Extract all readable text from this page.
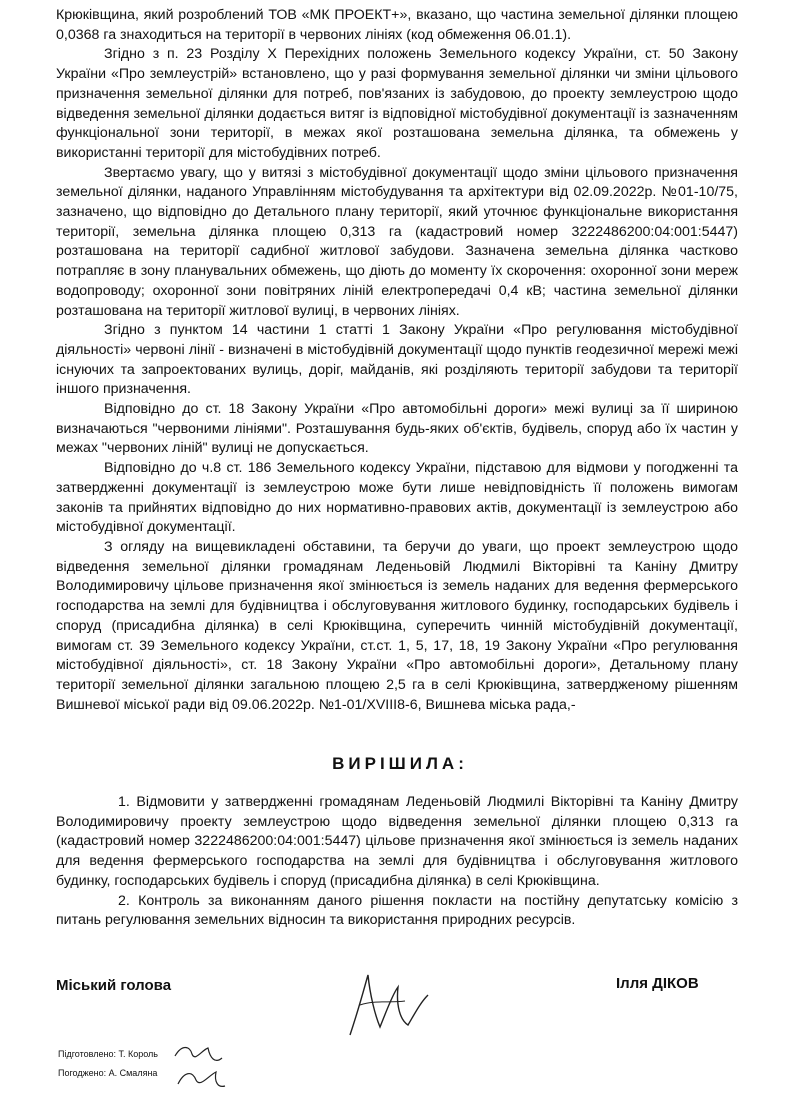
Крюківщина, який розроблений ТОВ «МК ПРОЕКТ+», вказано, що частина земельної ділянки площею 0,0368 га знаходиться на території в червоних лініях (код обмеження 06.01.1).

Згідно з п. 23 Розділу X Перехідних положень Земельного кодексу України, ст. 50 Закону України «Про землеустрій» встановлено, що у разі формування земельної ділянки чи зміни цільового призначення земельної ділянки для потреб, пов'язаних із забудовою, до проекту землеустрою щодо відведення земельної ділянки додається витяг із відповідної містобудівної документації із зазначенням функціональної зони території, в межах якої розташована земельна ділянка, та обмежень у використанні території для містобудівних потреб.

Звертаємо увагу, що у витязі з містобудівної документації щодо зміни цільового призначення земельної ділянки, наданого Управлінням містобудування та архітектури від 02.09.2022р. №01-10/75, зазначено, що відповідно до Детального плану території, який уточнює функціональне використання території, земельна ділянка площею 0,313 га (кадастровий номер 3222486200:04:001:5447) розташована на території садибної житлової забудови. Зазначена земельна ділянка частково потрапляє в зону планувальних обмежень, що діють до моменту їх скорочення: охоронної зони мереж водопроводу; охоронної зони повітряних ліній електропередачі 0,4 кВ; частина земельної ділянки розташована на території житлової вулиці, в червоних лініях.

Згідно з пунктом 14 частини 1 статті 1 Закону України «Про регулювання містобудівної діяльності» червоні лінії - визначені в містобудівній документації щодо пунктів геодезичної мережі межі існуючих та запроектованих вулиць, доріг, майданів, які розділяють території забудови та території іншого призначення.

Відповідно до ст. 18 Закону України «Про автомобільні дороги» межі вулиці за її шириною визначаються "червоними лініями". Розташування будь-яких об'єктів, будівель, споруд або їх частин у межах "червоних ліній" вулиці не допускається.

Відповідно до ч.8 ст. 186 Земельного кодексу України, підставою для відмови у погодженні та затвердженні документації із землеустрою може бути лише невідповідність її положень вимогам законів та прийнятих відповідно до них нормативно-правових актів, документації із землеустрою або містобудівної документації.

З огляду на вищевикладені обставини, та беручи до уваги, що проект землеустрою щодо відведення земельної ділянки громадянам Леденьовій Людмилі Вікторівні та Каніну Дмитру Володимировичу цільове призначення якої змінюється із земель наданих для ведення фермерського господарства на землі для будівництва і обслуговування житлового будинку, господарських будівель і споруд (присадибна ділянка) в селі Крюківщина, суперечить чинній містобудівній документації, вимогам ст. 39 Земельного кодексу України, ст.ст. 1, 5, 17, 18, 19 Закону України «Про регулювання містобудівної діяльності», ст. 18 Закону України «Про автомобільні дороги», Детальному плану території земельної ділянки загальною площею 2,5 га в селі Крюківщина, затвердженому рішенням Вишневої міської ради від 09.06.2022р. №1-01/XVIII8-6, Вишнева міська рада,-

ВИРІШИЛА:

1. Відмовити у затвердженні громадянам Леденьовій Людмилі Вікторівні та Каніну Дмитру Володимировичу проекту землеустрою щодо відведення земельної ділянки площею 0,313 га (кадастровий номер 3222486200:04:001:5447) цільове призначення якої змінюється із земель наданих для ведення фермерського господарства на землі для будівництва і обслуговування житлового будинку, господарських будівель і споруд (присадибна ділянка) в селі Крюківщина.

2. Контроль за виконанням даного рішення покласти на постійну депутатську комісію з питань регулювання земельних відносин та використання природних ресурсів.

Міський голова	Ілля ДІКОВ
Підготовлено: Т. Король
Погоджено: А. Смаляна
